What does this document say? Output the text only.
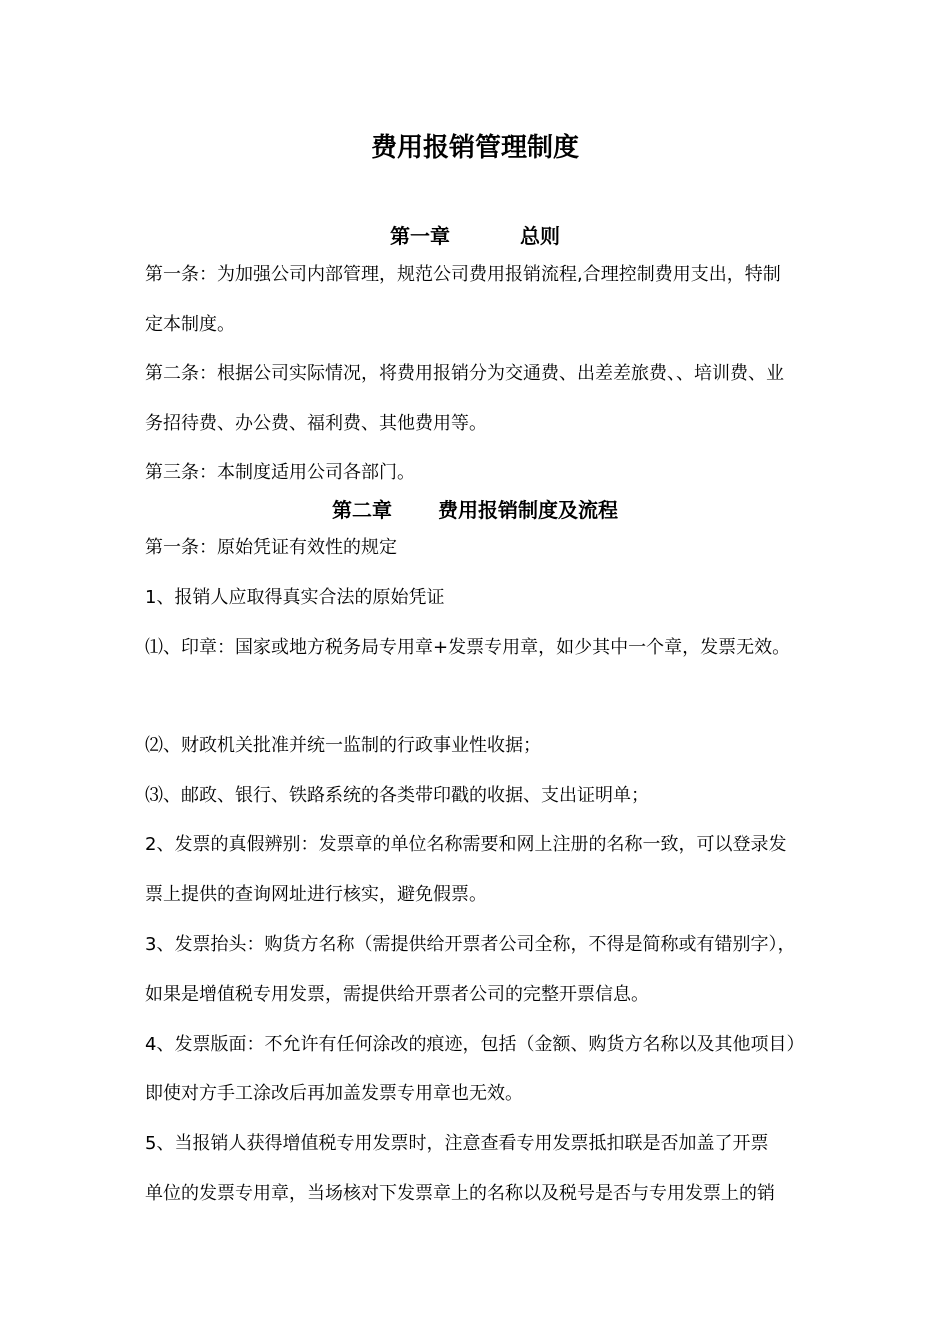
费用报销管理制度
第一章	总则
第一条：为加强公司内部管理，规范公司费用报销流程,合理控制费用支出，特制
定本制度。
第二条：根据公司实际情况，将费用报销分为交通费、出差差旅费、、培训费、业
务招待费、办公费、福利费、其他费用等。
第三条：本制度适用公司各部门。
第二章 费用报销制度及流程
第一条：原始凭证有效性的规定
1、报销人应取得真实合法的原始凭证
⑴、印章：国家或地方税务局专用章+发票专用章，如少其中一个章，发票无效。
⑵、财政机关批准并统一监制的行政事业性收据；
⑶、邮政、银行、铁路系统的各类带印戳的收据、支出证明单；
2、发票的真假辨别：发票章的单位名称需要和网上注册的名称一致，可以登录发
票上提供的查询网址进行核实，避免假票。
3、发票抬头：购货方名称（需提供给开票者公司全称，不得是简称或有错别字），
如果是增值税专用发票，需提供给开票者公司的完整开票信息。
4、发票版面：不允许有任何涂改的痕迹，包括（金额、购货方名称以及其他项目）
即使对方手工涂改后再加盖发票专用章也无效。
5、当报销人获得增值税专用发票时，注意查看专用发票抵扣联是否加盖了开票
单位的发票专用章，当场核对下发票章上的名称以及税号是否与专用发票上的销
